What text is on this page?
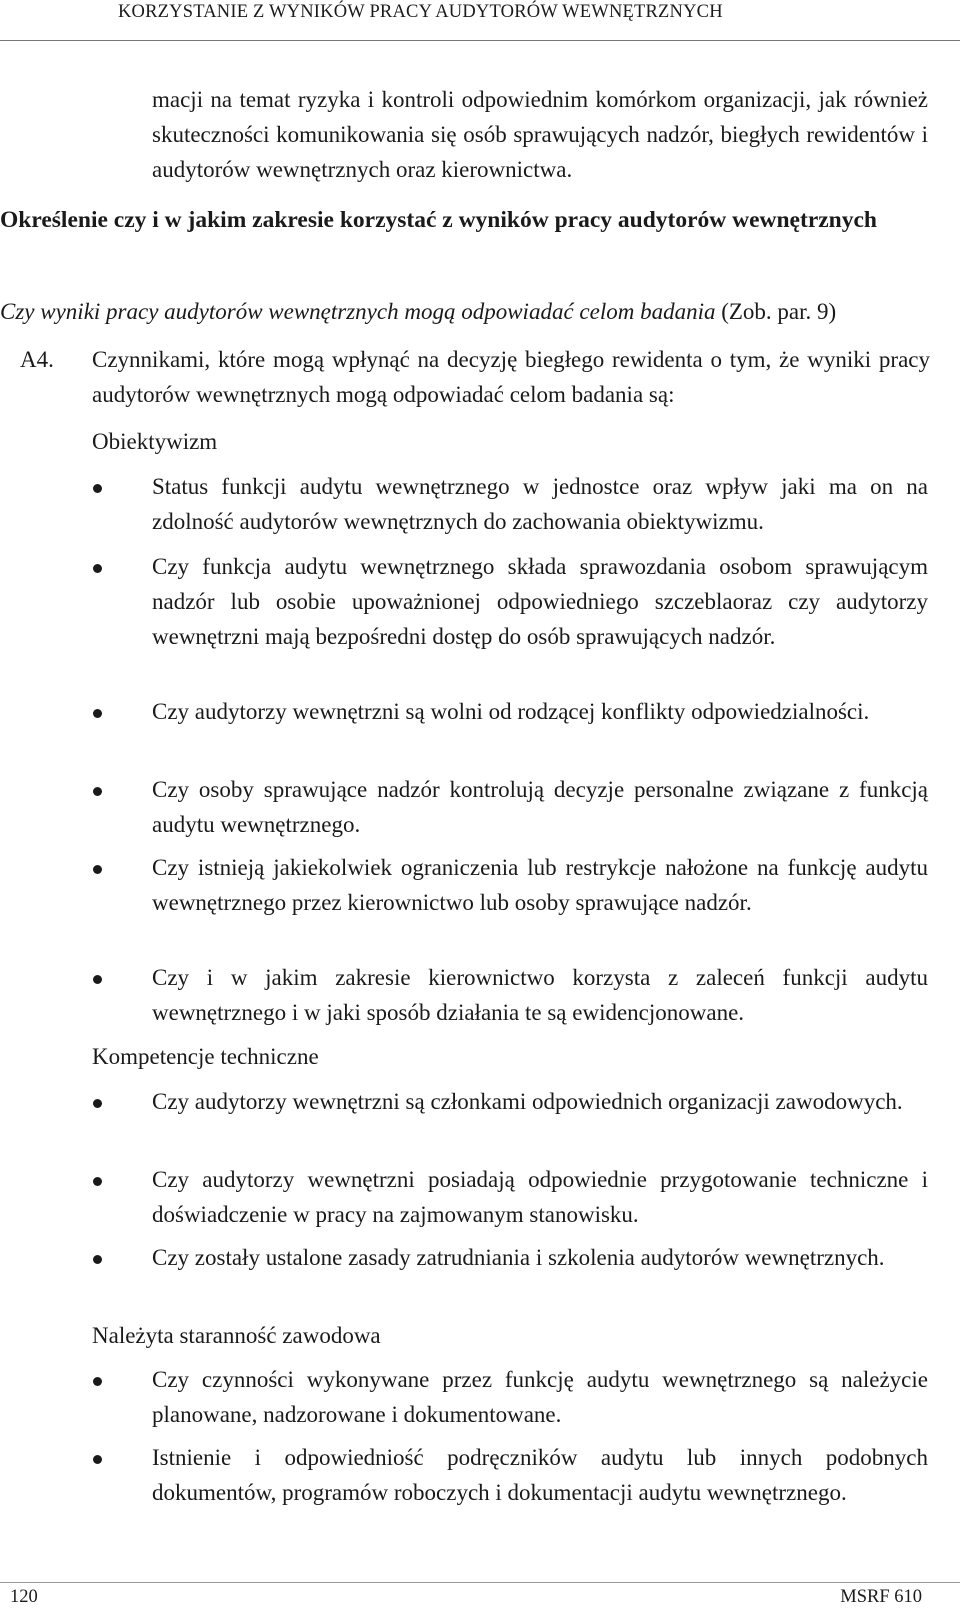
KORZYSTANIE Z WYNIKÓW PRACY AUDYTORÓW WEWNĘTRZNYCH
macji na temat ryzyka i kontroli odpowiednim komórkom organizacji, jak również skuteczności komunikowania się osób sprawujących nadzór, biegłych rewidentów i audytorów wewnętrznych oraz kierownictwa.
Określenie czy i w jakim zakresie korzystać z wyników pracy audytorów wewnętrznych
Czy wyniki pracy audytorów wewnętrznych mogą odpowiadać celom badania (Zob. par. 9)
A4. Czynnikami, które mogą wpłynąć na decyzję biegłego rewidenta o tym, że wyniki pracy audytorów wewnętrznych mogą odpowiadać celom badania są:
Obiektywizm
Status funkcji audytu wewnętrznego w jednostce oraz wpływ jaki ma on na zdolność audytorów wewnętrznych do zachowania obiektywizmu.
Czy funkcja audytu wewnętrznego składa sprawozdania osobom sprawującym nadzór lub osobie upoważnionej odpowiedniego szczeblaoraz czy audytorzy wewnętrzni mają bezpośredni dostęp do osób sprawujących nadzór.
Czy audytorzy wewnętrzni są wolni od rodzącej konflikty odpowiedzialności.
Czy osoby sprawujące nadzór kontrolują decyzje personalne związane z funkcją audytu wewnętrznego.
Czy istnieją jakiekolwiek ograniczenia lub restrykcje nałożone na funkcję audytu wewnętrznego przez kierownictwo lub osoby sprawujące nadzór.
Czy i w jakim zakresie kierownictwo korzysta z zaleceń funkcji audytu wewnętrznego i w jaki sposób działania te są ewidencjonowane.
Kompetencje techniczne
Czy audytorzy wewnętrzni są członkami odpowiednich organizacji zawodowych.
Czy audytorzy wewnętrzni posiadają odpowiednie przygotowanie techniczne i doświadczenie w pracy na zajmowanym stanowisku.
Czy zostały ustalone zasady zatrudniania i szkolenia audytorów wewnętrznych.
Należyta staranność zawodowa
Czy czynności wykonywane przez funkcję audytu wewnętrznego są należycie planowane, nadzorowane i dokumentowane.
Istnienie i odpowiedniość podręczników audytu lub innych podobnych dokumentów, programów roboczych i dokumentacji audytu wewnętrznego.
120	MSRF 610
